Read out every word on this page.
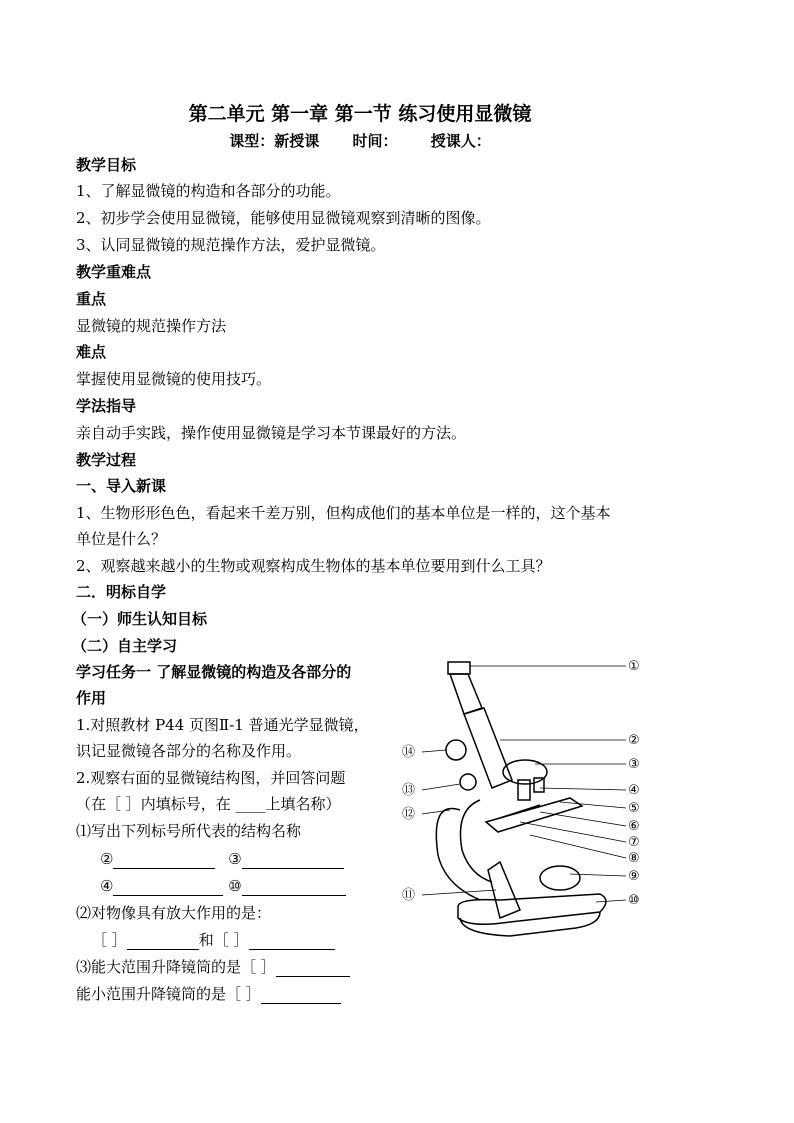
第二单元 第一章 第一节 练习使用显微镜
课型：新授课 时间： 授课人：
教学目标
1、了解显微镜的构造和各部分的功能。
2、初步学会使用显微镜，能够使用显微镜观察到清晰的图像。
3、认同显微镜的规范操作方法，爱护显微镜。
教学重难点
重点
显微镜的规范操作方法
难点
掌握使用显微镜的使用技巧。
学法指导
亲自动手实践，操作使用显微镜是学习本节课最好的方法。
教学过程
一、导入新课
1、生物形形色色，看起来千差万别，但构成他们的基本单位是一样的，这个基本
单位是什么？
2、观察越来越小的生物或观察构成生物体的基本单位要用到什么工具？
二．明标自学
（一）师生认知目标
（二）自主学习
学习任务一 了解显微镜的构造及各部分的
作用
1.对照教材 P44 页图Ⅱ-1 普通光学显微镜，
识记显微镜各部分的名称及作用。
2.观察右面的显微镜结构图，并回答问题
（在［ ］内填标号，在 ____上填名称）
⑴写出下列标号所代表的结构名称
②	③
④	⑩
⑵对物像具有放大作用的是：
［ ］	和［ ］
⑶能大范围升降镜筒的是［ ］
能小范围升降镜筒的是［ ］
①
②
③
④
⑤
⑥
⑦
⑧
⑨
⑩
⑭
⑬
⑫
⑪
